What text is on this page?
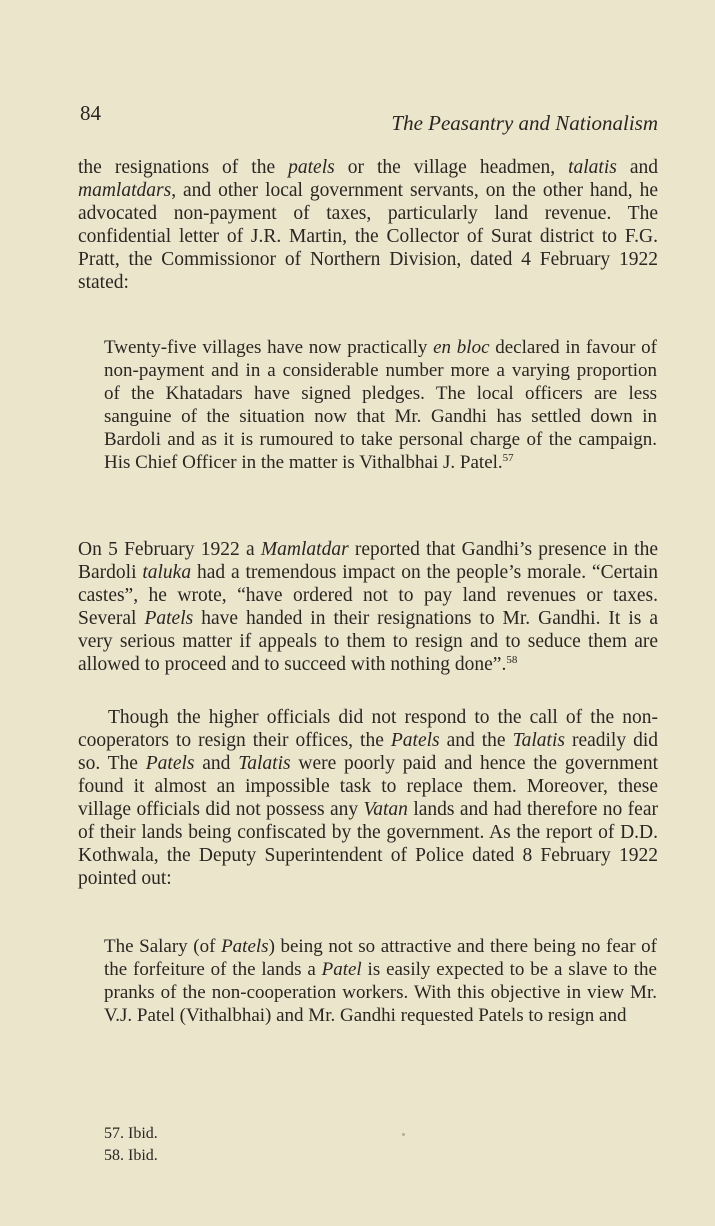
84	The Peasantry and Nationalism

the resignations of the patels or the village headmen, talatis and mamlatdars, and other local government servants, on the other hand, he advocated non-payment of taxes, particularly land revenue. The confidential letter of J.R. Martin, the Collector of Surat district to F.G. Pratt, the Commissionor of Northern Division, dated 4 February 1922 stated:

Twenty-five villages have now practically en bloc declared in favour of non-payment and in a considerable number more a varying proportion of the Khatadars have signed pledges. The local officers are less sanguine of the situation now that Mr. Gandhi has settled down in Bardoli and as it is rumoured to take personal charge of the campaign. His Chief Officer in the matter is Vithalbhai J. Patel.$^{57}$

On 5 February 1922 a Mamlatdar reported that Gandhi’s presence in the Bardoli taluka had a tremendous impact on the people’s morale. “Certain castes”, he wrote, “have ordered not to pay land revenues or taxes. Several Patels have handed in their resignations to Mr. Gandhi. It is a very serious matter if appeals to them to resign and to seduce them are allowed to proceed and to succeed with nothing done”.$^{58}$

Though the higher officials did not respond to the call of the non-cooperators to resign their offices, the Patels and the Talatis readily did so. The Patels and Talatis were poorly paid and hence the government found it almost an impossible task to replace them. Moreover, these village officials did not possess any Vatan lands and had therefore no fear of their lands being confiscated by the government. As the report of D.D. Kothwala, the Deputy Superintendent of Police dated 8 February 1922 pointed out:

The Salary (of Patels) being not so attractive and there being no fear of the forfeiture of the lands a Patel is easily expected to be a slave to the pranks of the non-cooperation workers. With this objective in view Mr. V.J. Patel (Vithalbhai) and Mr. Gandhi requested Patels to resign and

57. Ibid.
58. Ibid.
